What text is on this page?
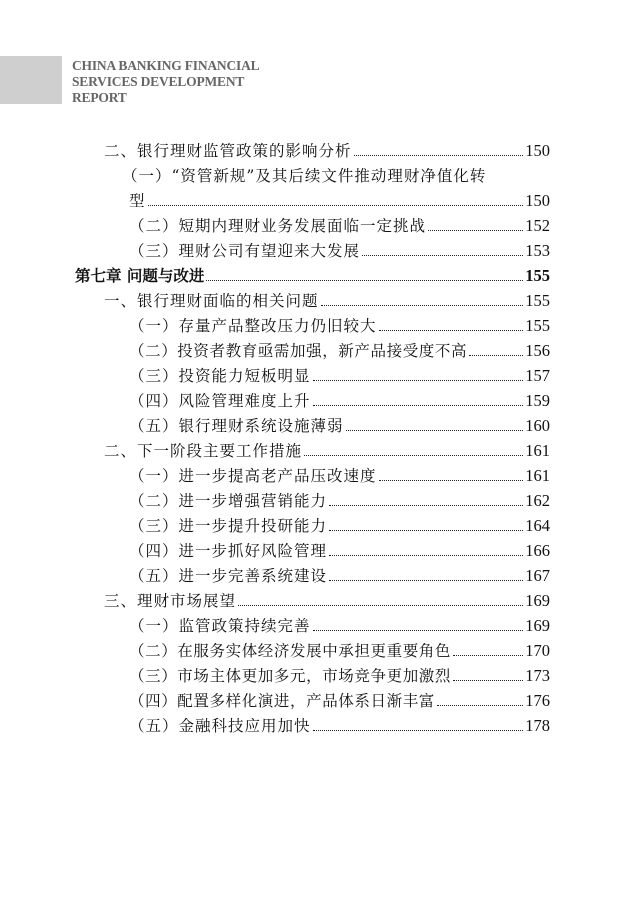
CHINA BANKING FINANCIAL
SERVICES DEVELOPMENT
REPORT
二、银行理财监管政策的影响分析	150
（一）“资管新规”及其后续文件推动理财净值化转
型	150
（二）短期内理财业务发展面临一定挑战	152
（三）理财公司有望迎来大发展	153
第七章 问题与改进	155
一、银行理财面临的相关问题	155
（一）存量产品整改压力仍旧较大	155
（二）投资者教育亟需加强，新产品接受度不高	156
（三）投资能力短板明显	157
（四）风险管理难度上升	159
（五）银行理财系统设施薄弱	160
二、下一阶段主要工作措施	161
（一）进一步提高老产品压改速度	161
（二）进一步增强营销能力	162
（三）进一步提升投研能力	164
（四）进一步抓好风险管理	166
（五）进一步完善系统建设	167
三、理财市场展望	169
（一）监管政策持续完善	169
（二）在服务实体经济发展中承担更重要角色	170
（三）市场主体更加多元，市场竞争更加激烈	173
（四）配置多样化演进，产品体系日渐丰富	176
（五）金融科技应用加快	178
